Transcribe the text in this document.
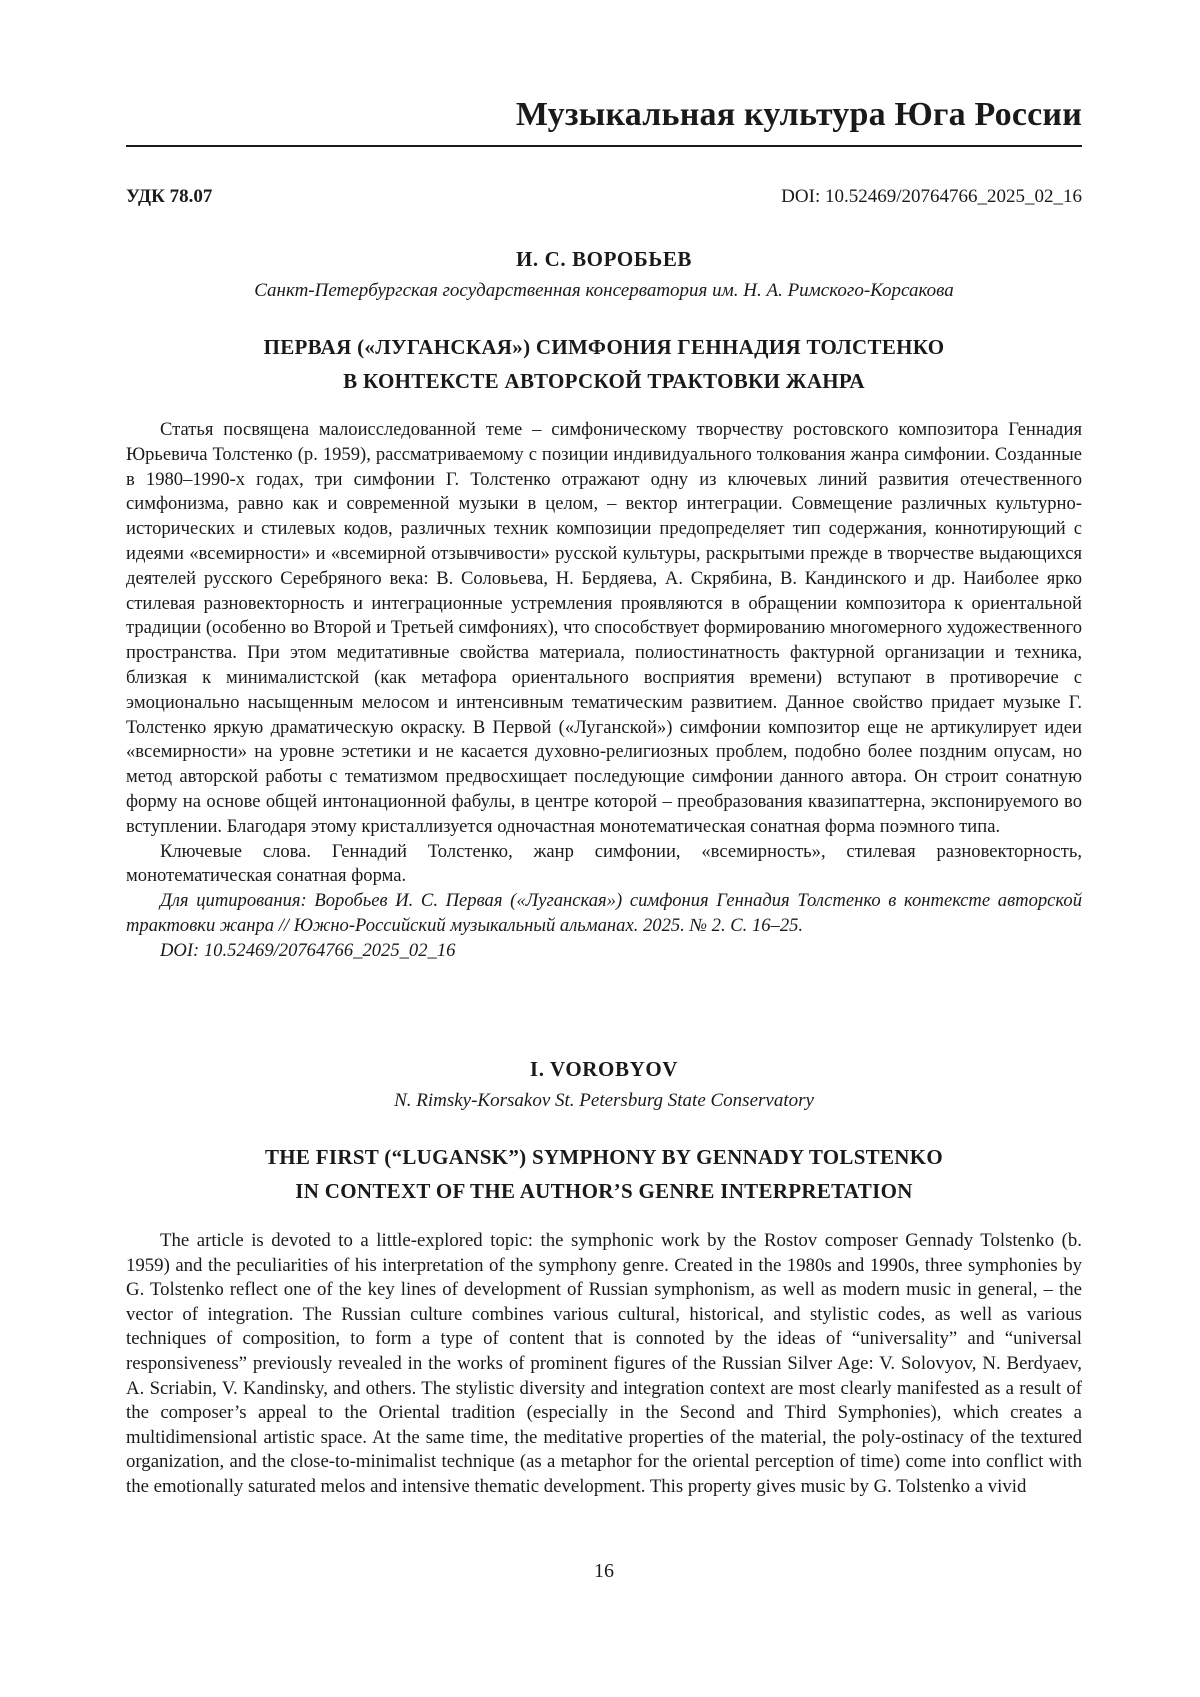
Музыкальная культура Юга России
УДК 78.07	DOI: 10.52469/20764766_2025_02_16
И. С. ВОРОБЬЕВ
Санкт-Петербургская государственная консерватория им. Н. А. Римского-Корсакова
ПЕРВАЯ («ЛУГАНСКАЯ») СИМФОНИЯ ГЕННАДИЯ ТОЛСТЕНКО
В КОНТЕКСТЕ АВТОРСКОЙ ТРАКТОВКИ ЖАНРА

Статья посвящена малоисследованной теме – симфоническому творчеству ростовского композитора Геннадия Юрьевича Толстенко (р. 1959), рассматриваемому с позиции индивидуального толкования жанра симфонии. Созданные в 1980–1990-х годах, три симфонии Г. Толстенко отражают одну из ключевых линий развития отечественного симфонизма, равно как и современной музыки в целом, – вектор интеграции. Совмещение различных культурно-исторических и стилевых кодов, различных техник композиции предопределяет тип содержания, коннотирующий с идеями «всемирности» и «всемирной отзывчивости» русской культуры, раскрытыми прежде в творчестве выдающихся деятелей русского Серебряного века: В. Соловьева, Н. Бердяева, А. Скрябина, В. Кандинского и др. Наиболее ярко стилевая разновекторность и интеграционные устремления проявляются в обращении композитора к ориентальной традиции (особенно во Второй и Третьей симфониях), что способствует формированию многомерного художественного пространства. При этом медитативные свойства материала, полиостинатность фактурной организации и техника, близкая к минималистской (как метафора ориентального восприятия времени) вступают в противоречие с эмоционально насыщенным мелосом и интенсивным тематическим развитием. Данное свойство придает музыке Г. Толстенко яркую драматическую окраску. В Первой («Луганской») симфонии композитор еще не артикулирует идеи «всемирности» на уровне эстетики и не касается духовно-религиозных проблем, подобно более поздним опусам, но метод авторской работы с тематизмом предвосхищает последующие симфонии данного автора. Он строит сонатную форму на основе общей интонационной фабулы, в центре которой – преобразования квазипаттерна, экспонируемого во вступлении. Благодаря этому кристаллизуется одночастная монотематическая сонатная форма поэмного типа.

Ключевые слова. Геннадий Толстенко, жанр симфонии, «всемирность», стилевая разновекторность, монотематическая сонатная форма.

Для цитирования: Воробьев И. С. Первая («Луганская») симфония Геннадия Толстенко в контексте авторской трактовки жанра // Южно-Российский музыкальный альманах. 2025. № 2. С. 16–25.

DOI: 10.52469/20764766_2025_02_16

I. VOROBYOV
N. Rimsky-Korsakov St. Petersburg State Conservatory
THE FIRST (“LUGANSK”) SYMPHONY BY GENNADY TOLSTENKO
IN CONTEXT OF THE AUTHOR’S GENRE INTERPRETATION

The article is devoted to a little-explored topic: the symphonic work by the Rostov composer Gennady Tolstenko (b. 1959) and the peculiarities of his interpretation of the symphony genre. Created in the 1980s and 1990s, three symphonies by G. Tolstenko reflect one of the key lines of development of Russian symphonism, as well as modern music in general, – the vector of integration. The Russian culture combines various cultural, historical, and stylistic codes, as well as various techniques of composition, to form a type of content that is connoted by the ideas of “universality” and “universal responsiveness” previously revealed in the works of prominent figures of the Russian Silver Age: V. Solovyov, N. Berdyaev, A. Scriabin, V. Kandinsky, and others. The stylistic diversity and integration context are most clearly manifested as a result of the composer’s appeal to the Oriental tradition (especially in the Second and Third Symphonies), which creates a multidimensional artistic space. At the same time, the meditative properties of the material, the poly-ostinacy of the textured organization, and the close-to-minimalist technique (as a metaphor for the oriental perception of time) come into conflict with the emotionally saturated melos and intensive thematic development. This property gives music by G. Tolstenko a vivid

16
